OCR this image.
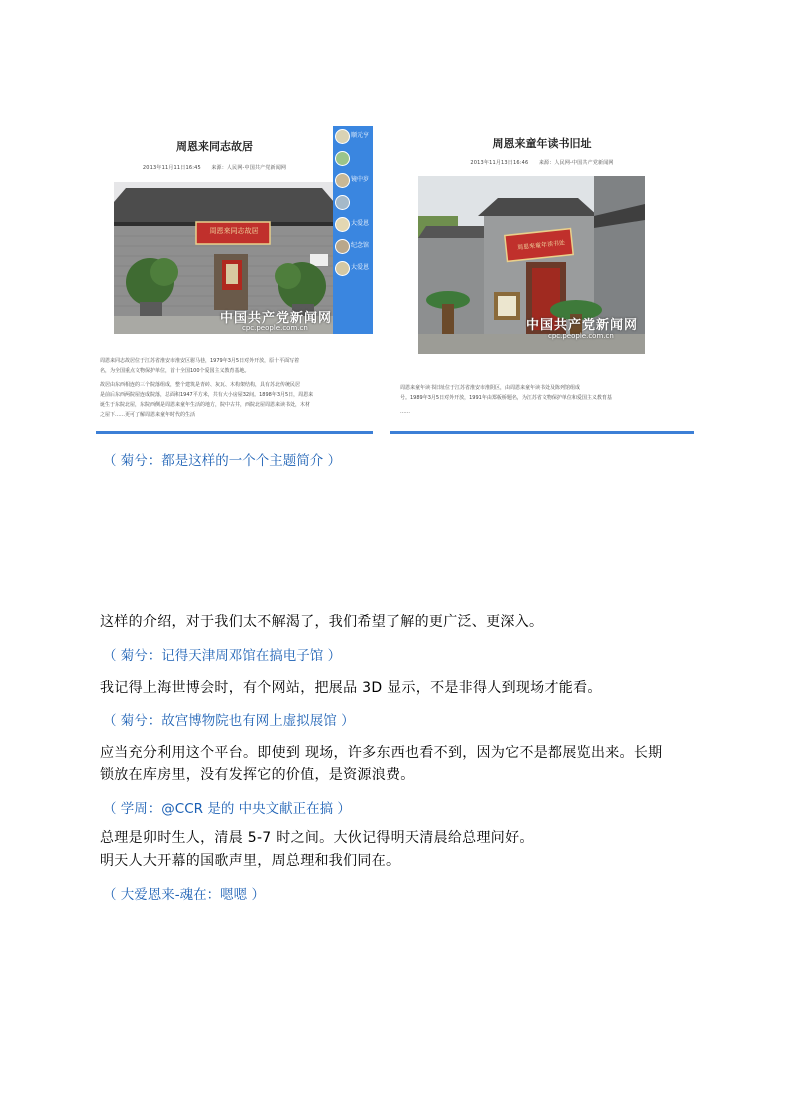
周恩来同志故居
2013年11月11日16:45　　来源：人民网-中国共产党新闻网
周恩来同志故居
中国共产党新闻网
cpc.people.com.cn
顺元亨
镜中岁
大爱恩
纪念馆
大爱恩
周恩来同志故居位于江苏省淮安市淮安区驸马巷，1979年3月5日对外开放，原十平面写着
名，为全国重点文物保护单位，首十全国100个爱国主义教育基地。
故居由东西相连的三个院落组成，整个建筑是青砖、灰瓦、木构架结构，具有苏北传统民居
是前后东西两院屋连成院落，总面积1947平方米，共有大小房屋32间。1898年3月5日，周恩来
诞生于东院北屋，东院西侧是周恩来童年生活的地方，院中古井，西院北屋周恩来读书处，木材
之屋下……更可了解周恩来童年时代的生活
周恩来童年读书旧址
2013年11月13日16:46　　来源：人民网-中国共产党新闻网
周恩来童年读书处
中国共产党新闻网
cpc.people.com.cn
周恩来童年读书旧址位于江苏省淮安市淮阴区，由周恩来童年读书处及陈列馆组成
号。1989年3月5日对外开放，1991年由郑板桥题名，为江苏省文物保护单位和爱国主义教育基
……
（ 菊兮：都是这样的一个个主题简介 ）
这样的介绍，对于我们太不解渴了，我们希望了解的更广泛、更深入。
（ 菊兮：记得天津周邓馆在搞电子馆 ）
我记得上海世博会时，有个网站，把展品 3D 显示，不是非得人到现场才能看。
（ 菊兮：故宫博物院也有网上虚拟展馆 ）
应当充分利用这个平台。即使到 现场，许多东西也看不到，因为它不是都展览出来。长期
锁放在库房里，没有发挥它的价值，是资源浪费。
（ 学周：@CCR 是的 中央文献正在搞 ）
总理是卯时生人，清晨 5-7 时之间。大伙记得明天清晨给总理问好。
明天人大开幕的国歌声里，周总理和我们同在。
（ 大爱恩来-魂在：嗯嗯 ）
